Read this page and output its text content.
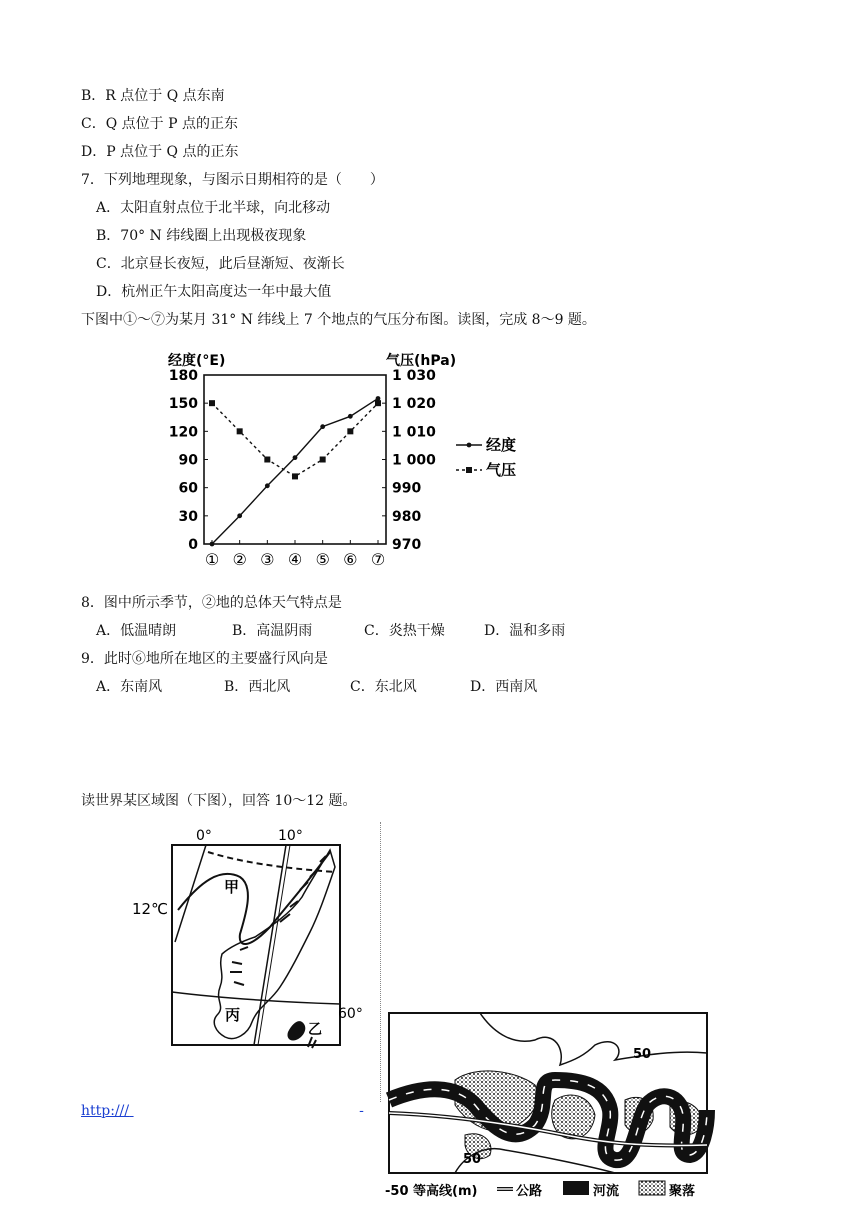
B．R 点位于 Q 点东南
C．Q 点位于 P 点的正东
D．P 点位于 Q 点的正东
7．下列地理现象，与图示日期相符的是（　　）
A．太阳直射点位于北半球，向北移动
B．70° N 纬线圈上出现极夜现象
C．北京昼长夜短，此后昼渐短、夜渐长
D．杭州正午太阳高度达一年中最大值
下图中①～⑦为某月 31° N 纬线上 7 个地点的气压分布图。读图，完成 8～9 题。
经度(°E)	气压(hPa)
180
150
120
90
60
30
0
1 030
1 020
1 010
1 000
990
980
970
① ② ③ ④ ⑤ ⑥ ⑦
经度
气压
8．图中所示季节，②地的总体天气特点是
A．低温晴朗	B．高温阴雨	C．炎热干燥	D．温和多雨
9．此时⑥地所在地区的主要盛行风向是
A．东南风	B．西北风	C．东北风	D．西南风
读世界某区域图（下图），回答 10～12 题。
0°	10°
12℃
60°
甲
丙
乙
http:///	-
50
50
-50 等高线(m)	公路	河流	聚落
